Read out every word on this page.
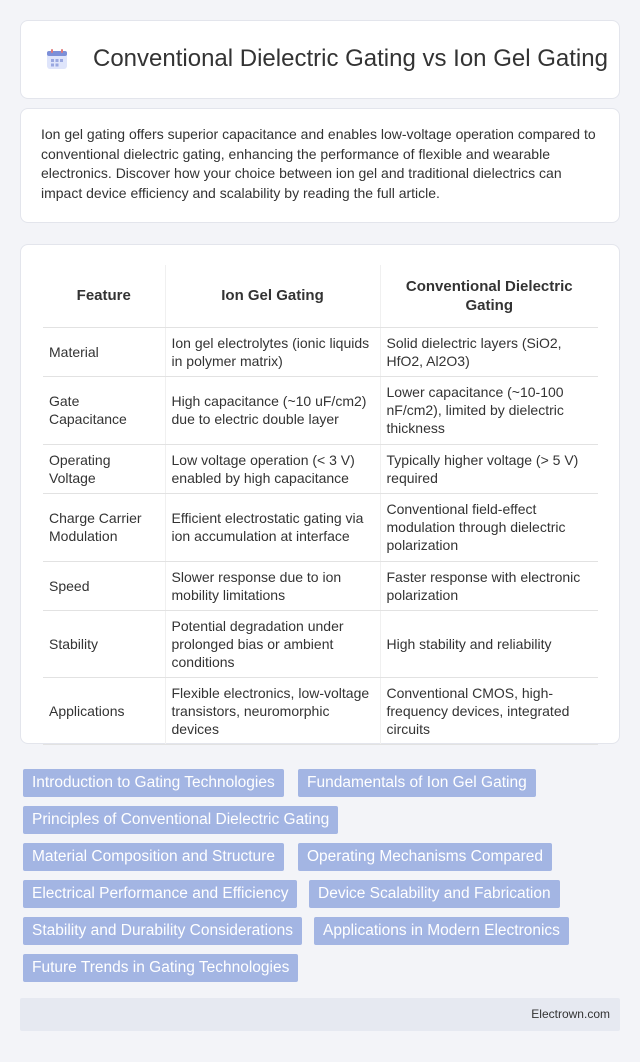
Conventional Dielectric Gating vs Ion Gel Gating

Ion gel gating offers superior capacitance and enables low-voltage operation compared to conventional dielectric gating, enhancing the performance of flexible and wearable electronics. Discover how your choice between ion gel and traditional dielectrics can impact device efficiency and scalability by reading the full article.

Feature	Ion Gel Gating	Conventional Dielectric Gating
Material	Ion gel electrolytes (ionic liquids in polymer matrix)	Solid dielectric layers (SiO2, HfO2, Al2O3)
Gate Capacitance	High capacitance (~10 uF/cm2) due to electric double layer	Lower capacitance (~10-100 nF/cm2), limited by dielectric thickness
Operating Voltage	Low voltage operation (< 3 V) enabled by high capacitance	Typically higher voltage (> 5 V) required
Charge Carrier Modulation	Efficient electrostatic gating via ion accumulation at interface	Conventional field-effect modulation through dielectric polarization
Speed	Slower response due to ion mobility limitations	Faster response with electronic polarization
Stability	Potential degradation under prolonged bias or ambient conditions	High stability and reliability
Applications	Flexible electronics, low-voltage transistors, neuromorphic devices	Conventional CMOS, high-frequency devices, integrated circuits
Introduction to Gating Technologies	Fundamentals of Ion Gel Gating
Principles of Conventional Dielectric Gating
Material Composition and Structure	Operating Mechanisms Compared
Electrical Performance and Efficiency	Device Scalability and Fabrication
Stability and Durability Considerations	Applications in Modern Electronics
Future Trends in Gating Technologies
Electrown.com
